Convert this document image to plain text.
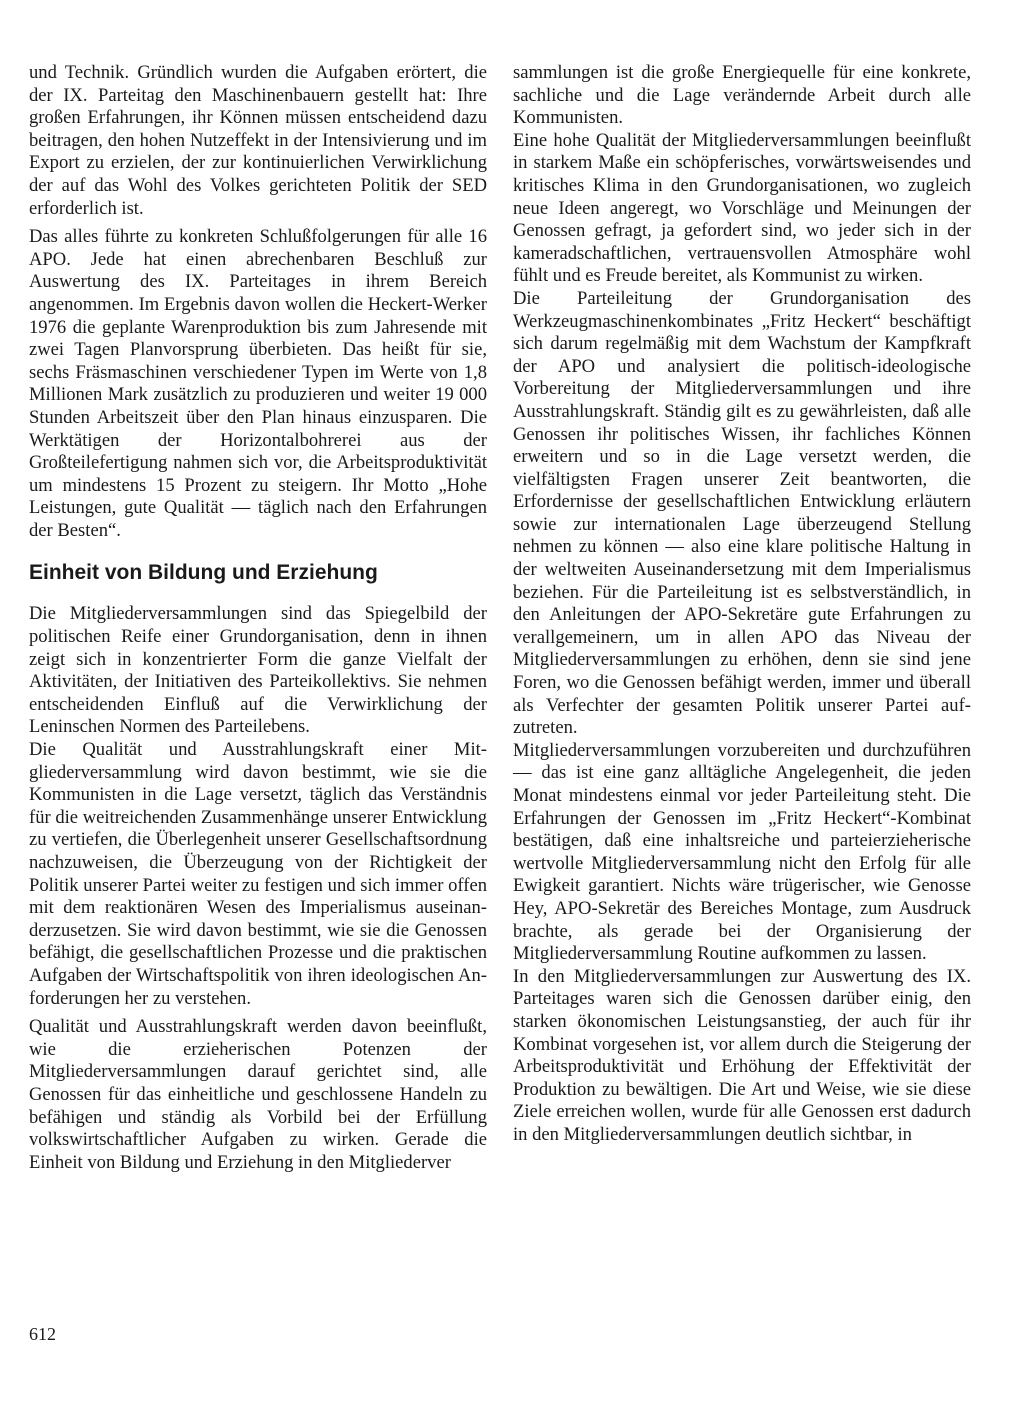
und Technik. Gründlich wurden die Aufgaben erörtert, die der IX. Parteitag den Maschinenbauern gestellt hat: Ihre großen Erfahrungen, ihr Können müssen entscheidend dazu beitragen, den hohen Nutzeffekt in der Intensivierung und im Export zu erzielen, der zur kontinuierlichen Verwirklichung der auf das Wohl des Volkes gerichteten Politik der SED erforderlich ist.

Das alles führte zu konkreten Schlußfolgerungen für alle 16 APO. Jede hat einen abrechenbaren Beschluß zur Auswertung des IX. Parteitages in ihrem Bereich angenommen. Im Ergebnis davon wollen die Heckert-Werker 1976 die geplante Warenproduktion bis zum Jahresende mit zwei Tagen Planvorsprung überbieten. Das heißt für sie, sechs Fräsmaschinen verschiedener Typen im Werte von 1,8 Millionen Mark zusätzlich zu produzieren und weiter 19 000 Stunden Arbeitszeit über den Plan hinaus einzusparen. Die Werktätigen der Horizontalbohrerei aus der Großteilefertigung nahmen sich vor, die Arbeitsproduktivität um mindestens 15 Prozent zu steigern. Ihr Motto „Hohe Leistungen, gute Qualität — täglich nach den Erfahrungen der Besten“.

Einheit von Bildung und Erziehung

Die Mitgliederversammlungen sind das Spiegelbild der politischen Reife einer Grundorganisation, denn in ihnen zeigt sich in konzentrierter Form die ganze Vielfalt der Aktivitäten, der Initiativen des Parteikollektivs. Sie nehmen entscheidenden Einfluß auf die Verwirklichung der Leninschen Normen des Parteilebens.

Die Qualität und Ausstrahlungskraft einer Mitgliederversammlung wird davon bestimmt, wie sie die Kommunisten in die Lage versetzt, täglich das Verständnis für die weitreichenden Zusammenhänge unserer Entwicklung zu vertiefen, die Überlegenheit unserer Gesellschaftsordnung nachzuweisen, die Überzeugung von der Richtigkeit der Politik unserer Partei weiter zu festigen und sich immer offen mit dem reaktionären Wesen des Imperialismus auseinanderzusetzen. Sie wird davon bestimmt, wie sie die Genossen befähigt, die gesellschaftlichen Prozesse und die praktischen Aufgaben der Wirtschaftspolitik von ihren ideologischen Anforderungen her zu verstehen.

Qualität und Ausstrahlungskraft werden davon beeinflußt, wie die erzieherischen Potenzen der Mitgliederversammlungen darauf gerichtet sind, alle Genossen für das einheitliche und geschlossene Handeln zu befähigen und ständig als Vorbild bei der Erfüllung volkswirtschaftlicher Aufgaben zu wirken. Gerade die Einheit von Bildung und Erziehung in den Mitgliederver

sammlungen ist die große Energiequelle für eine konkrete, sachliche und die Lage verändernde Arbeit durch alle Kommunisten.

Eine hohe Qualität der Mitgliederversammlungen beeinflußt in starkem Maße ein schöpferisches, vorwärtsweisendes und kritisches Klima in den Grundorganisationen, wo zugleich neue Ideen angeregt, wo Vorschläge und Meinungen der Genossen gefragt, ja gefordert sind, wo jeder sich in der kameradschaftlichen, vertrauensvollen Atmosphäre wohl fühlt und es Freude bereitet, als Kommunist zu wirken.

Die Parteileitung der Grundorganisation des Werkzeugmaschinenkombinates „Fritz Heckert“ beschäftigt sich darum regelmäßig mit dem Wachstum der Kampfkraft der APO und analysiert die politisch-ideologische Vorbereitung der Mitgliederversammlungen und ihre Ausstrahlungskraft. Ständig gilt es zu gewährleisten, daß alle Genossen ihr politisches Wissen, ihr fachliches Können erweitern und so in die Lage versetzt werden, die vielfältigsten Fragen unserer Zeit beantworten, die Erfordernisse der gesellschaftlichen Entwicklung erläutern sowie zur internationalen Lage überzeugend Stellung nehmen zu können — also eine klare politische Haltung in der weltweiten Auseinandersetzung mit dem Imperialismus beziehen. Für die Parteileitung ist es selbstverständlich, in den Anleitungen der APO-Sekretäre gute Erfahrungen zu verallgemeinern, um in allen APO das Niveau der Mitgliederversammlungen zu erhöhen, denn sie sind jene Foren, wo die Genossen befähigt werden, immer und überall als Verfechter der gesamten Politik unserer Partei aufzutreten.

Mitgliederversammlungen vorzubereiten und durchzuführen — das ist eine ganz alltägliche Angelegenheit, die jeden Monat mindestens einmal vor jeder Parteileitung steht. Die Erfahrungen der Genossen im „Fritz Heckert“-Kombinat bestätigen, daß eine inhaltsreiche und parteierzieherische wertvolle Mitgliederversammlung nicht den Erfolg für alle Ewigkeit garantiert. Nichts wäre trügerischer, wie Genosse Hey, APO-Sekretär des Bereiches Montage, zum Ausdruck brachte, als gerade bei der Organisierung der Mitgliederversammlung Routine aufkommen zu lassen.

In den Mitgliederversammlungen zur Auswertung des IX. Parteitages waren sich die Genossen darüber einig, den starken ökonomischen Leistungsanstieg, der auch für ihr Kombinat vorgesehen ist, vor allem durch die Steigerung der Arbeitsproduktivität und Erhöhung der Effektivität der Produktion zu bewältigen. Die Art und Weise, wie sie diese Ziele erreichen wollen, wurde für alle Genossen erst dadurch in den Mitgliederversammlungen deutlich sichtbar, in

612
